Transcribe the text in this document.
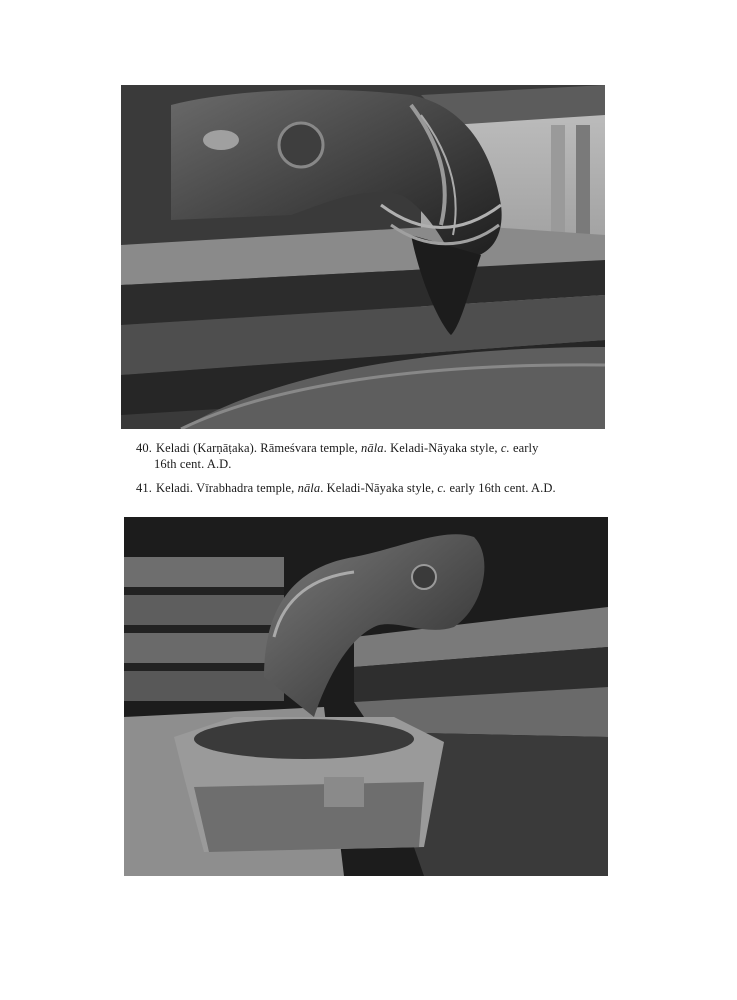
40. Keladi (Karṇāṭaka). Rāmeśvara temple, nāla. Keladi-Nāyaka style, c. early
16th cent. A.D.
41. Keladi. Vīrabhadra temple, nāla. Keladi-Nāyaka style, c. early 16th cent. A.D.
